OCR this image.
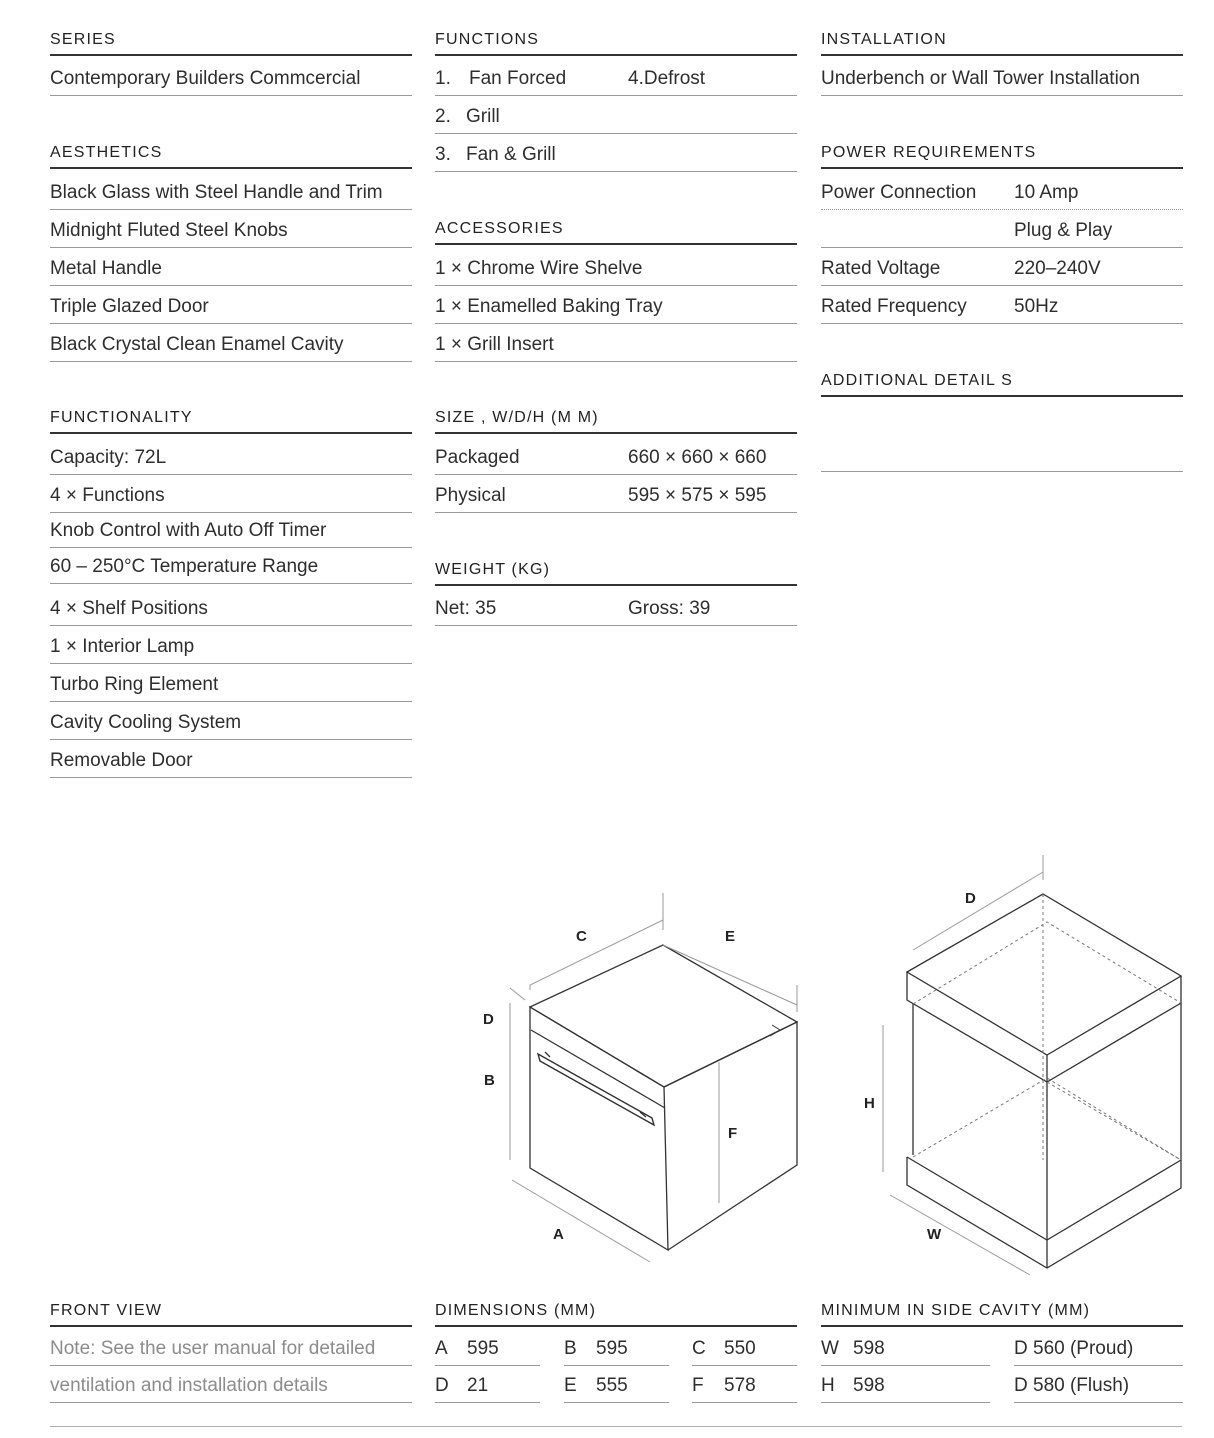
SERIES
Contemporary Builders Commcercial
AESTHETICS
Black Glass with Steel Handle and Trim
Midnight Fluted Steel Knobs
Metal Handle
Triple Glazed Door
Black Crystal Clean Enamel Cavity
FUNCTIONALITY
Capacity: 72L
4 × Functions
Knob Control with Auto Off Timer
60 – 250°C Temperature Range
4 × Shelf Positions
1 × Interior Lamp
Turbo Ring Element
Cavity Cooling System
Removable Door
FRONT VIEW
Note: See the user manual for detailed
ventilation and installation details
FUNCTIONS
1. Fan Forced	4.Defrost
2. Grill
3. Fan & Grill
ACCESSORIES
1 × Chrome Wire Shelve
1 × Enamelled Baking Tray
1 × Grill Insert
SIZE , W/D/H (M M)
Packaged	660 × 660 × 660
Physical	595 × 575 × 595
WEIGHT (KG)
Net: 35	Gross: 39
DIMENSIONS (MM)
A 595	B 595	C 550
D 21	E 555	F 578
INSTALLATION
Underbench or Wall Tower Installation
POWER REQUIREMENTS
Power Connection 10 Amp
Plug & Play
Rated Voltage	220–240V
Rated Frequency 50Hz
ADDITIONAL DETAIL S
MINIMUM IN SIDE CAVITY (MM)
W 598	D 560 (Proud)
H 598	D 580 (Flush)
C	E
D
B
F
A
D
H
W
